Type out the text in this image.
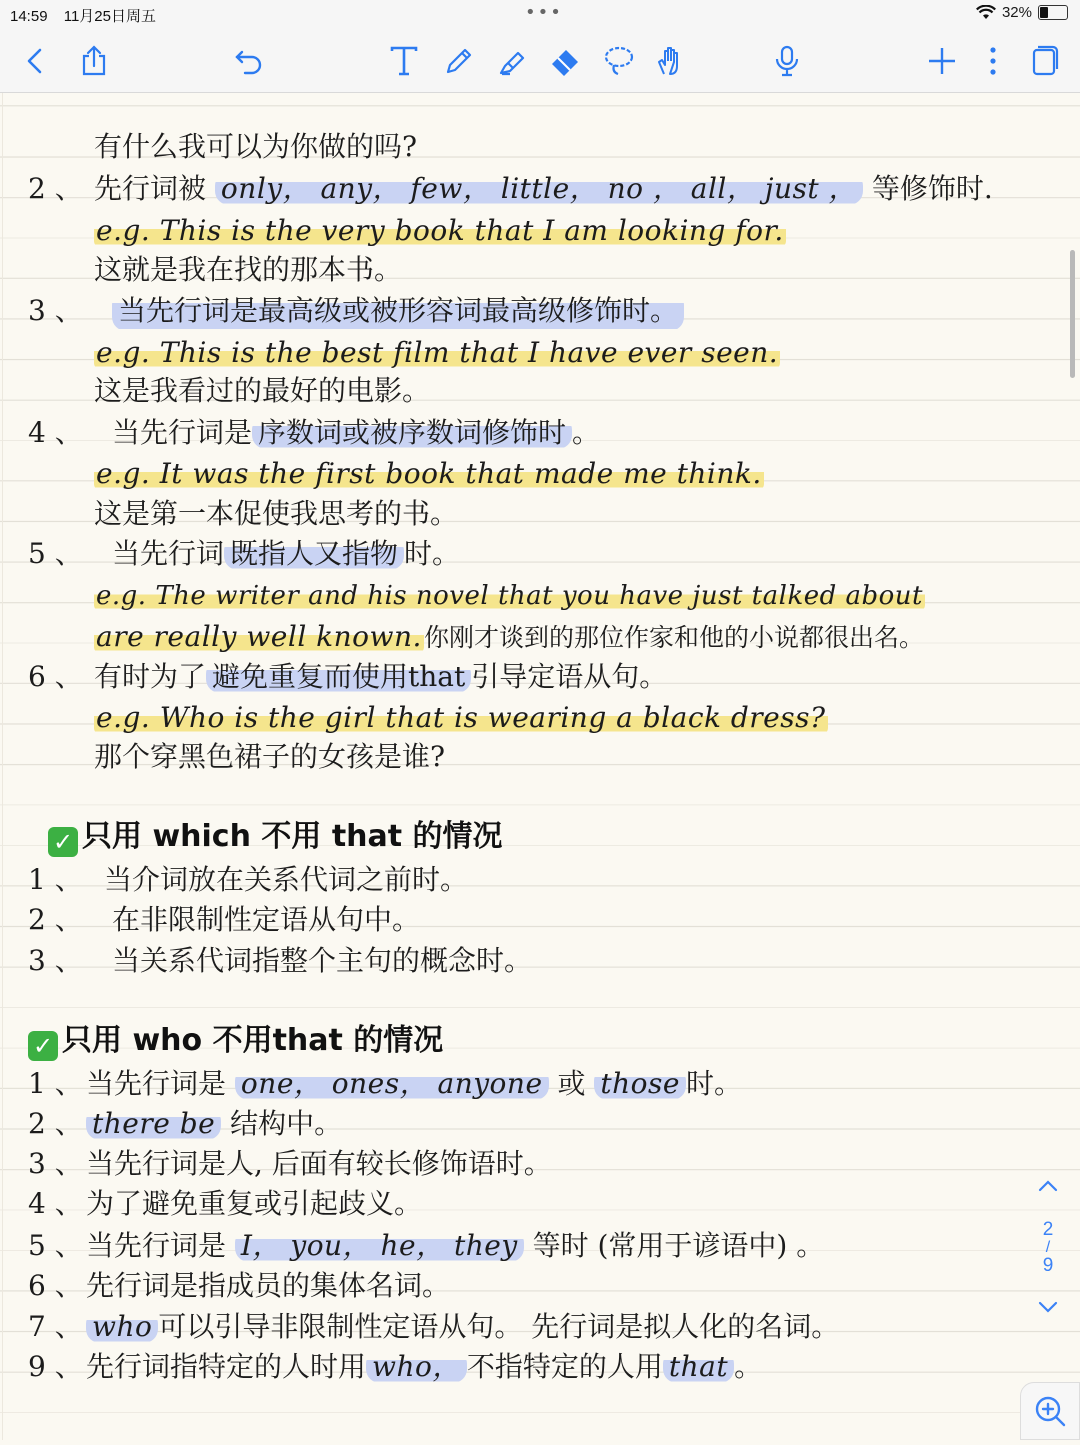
14:59 11月25日周五	•••	32%
有什么我可以为你做的吗?
2 、 先行词被 only， any， few， little， no ， all， just ， 等修饰时.
e.g. This is the very book that I am looking for.
这就是我在找的那本书。
3 、 当先行词是最高级或被形容词最高级修饰时。
e.g. This is the best film that I have ever seen.
这是我看过的最好的电影。
4 、 当先行词是 序数词或被序数词修饰时 。
e.g. It was the first book that made me think.
这是第一本促使我思考的书。
5 、 当先行词 既指人又指物 时。
e.g. The writer and his novel that you have just talked about
are really well known.你刚才谈到的那位作家和他的小说都很出名。
6 、 有时为了 避免重复而使用that 引导定语从句。
e.g. Who is the girl that is wearing a black dress?
那个穿黑色裙子的女孩是谁?
✓ 只用 which 不用 that 的情况
1 、 当介词放在关系代词之前时。
2 、 在非限制性定语从句中。
3 、 当关系代词指整个主句的概念时。
✓ 只用 who 不用that 的情况
1 、 当先行词是 one， ones， anyone 或 those 时。
2 、 there be 结构中。
3 、 当先行词是人, 后面有较长修饰语时。
4 、 为了避免重复或引起歧义。
5 、 当先行词是 I， you， he， they 等时 (常用于谚语中) 。
6 、 先行词是指成员的集体名词。
7 、 who 可以引导非限制性定语从句。 先行词是拟人化的名词。
9 、 先行词指特定的人时用 who， 不指特定的人用 that 。
2
/
9
